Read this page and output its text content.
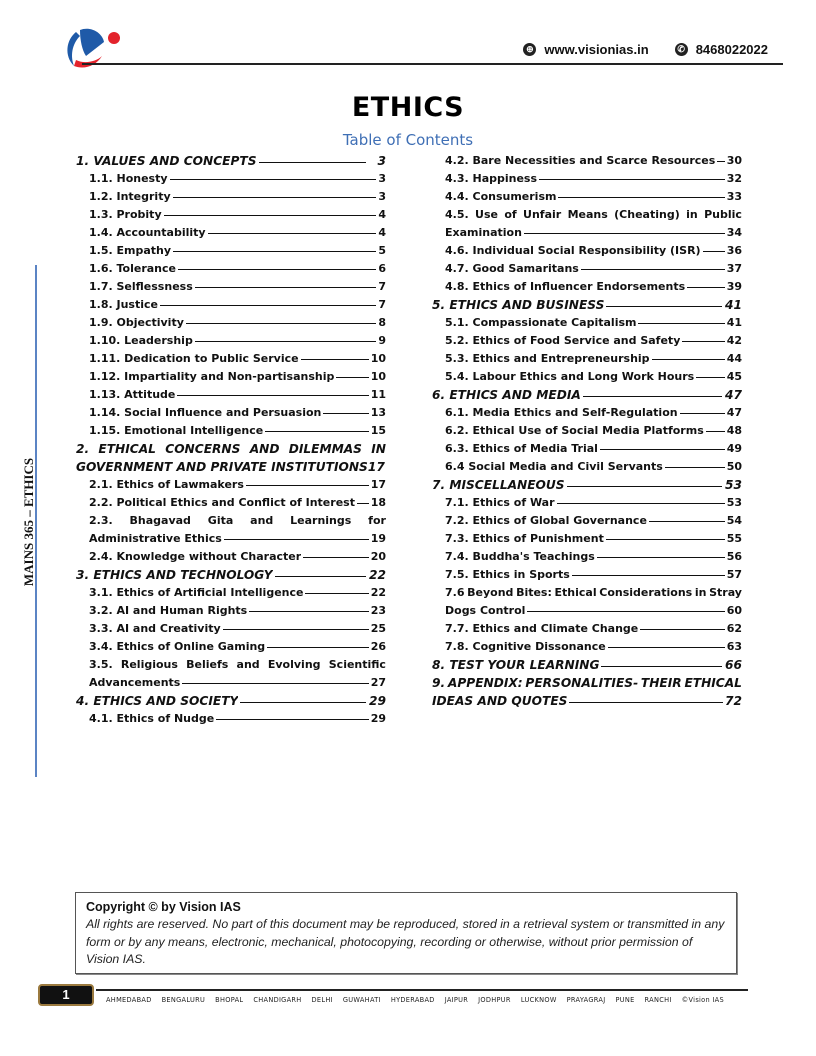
⊕ www.visionias.in	✆ 8468022022
ETHICS
Table of Contents
MAINS 365 – ETHICS
1. VALUES AND CONCEPTS	3
1.1. Honesty	3
1.2. Integrity	3
1.3. Probity	4
1.4. Accountability	4
1.5. Empathy	5
1.6. Tolerance	6
1.7. Selflessness	7
1.8. Justice	7
1.9. Objectivity	8
1.10. Leadership	9
1.11. Dedication to Public Service	10
1.12. Impartiality and Non-partisanship	10
1.13. Attitude	11
1.14. Social Influence and Persuasion	13
1.15. Emotional Intelligence	15
2. ETHICAL CONCERNS AND DILEMMAS IN
GOVERNMENT AND PRIVATE INSTITUTIONS 17
2.1. Ethics of Lawmakers	17
2.2. Political Ethics and Conflict of Interest 18
2.3. Bhagavad Gita and Learnings for
Administrative Ethics	19
2.4. Knowledge without Character	20
3. ETHICS AND TECHNOLOGY	22
3.1. Ethics of Artificial Intelligence	22
3.2. AI and Human Rights	23
3.3. AI and Creativity	25
3.4. Ethics of Online Gaming	26
3.5. Religious Beliefs and Evolving Scientific
Advancements	27
4. ETHICS AND SOCIETY	29
4.1. Ethics of Nudge	29
4.2. Bare Necessities and Scarce Resources 30
4.3. Happiness	32
4.4. Consumerism	33
4.5. Use of Unfair Means (Cheating) in Public
Examination	34
4.6. Individual Social Responsibility (ISR) 36
4.7. Good Samaritans	37
4.8. Ethics of Influencer Endorsements	39
5. ETHICS AND BUSINESS	41
5.1. Compassionate Capitalism	41
5.2. Ethics of Food Service and Safety	42
5.3. Ethics and Entrepreneurship	44
5.4. Labour Ethics and Long Work Hours	45
6. ETHICS AND MEDIA	47
6.1. Media Ethics and Self-Regulation	47
6.2. Ethical Use of Social Media Platforms 48
6.3. Ethics of Media Trial	49
6.4 Social Media and Civil Servants	50
7. MISCELLANEOUS	53
7.1. Ethics of War	53
7.2. Ethics of Global Governance	54
7.3. Ethics of Punishment	55
7.4. Buddha's Teachings	56
7.5. Ethics in Sports	57
7.6 Beyond Bites: Ethical Considerations in Stray
Dogs Control	60
7.7. Ethics and Climate Change	62
7.8. Cognitive Dissonance	63
8. TEST YOUR LEARNING	66
9. APPENDIX: PERSONALITIES- THEIR ETHICAL
IDEAS AND QUOTES	72
Copyright © by Vision IAS
All rights are reserved. No part of this document may be reproduced, stored in a retrieval system or transmitted in any form or by any means, electronic, mechanical, photocopying, recording or otherwise, without prior permission of Vision IAS.
1	AHMEDABAD BENGALURU BHOPAL CHANDIGARH DELHI GUWAHATI HYDERABAD JAIPUR JODHPUR LUCKNOW PRAYAGRAJ PUNE RANCHI ©Vision IAS
